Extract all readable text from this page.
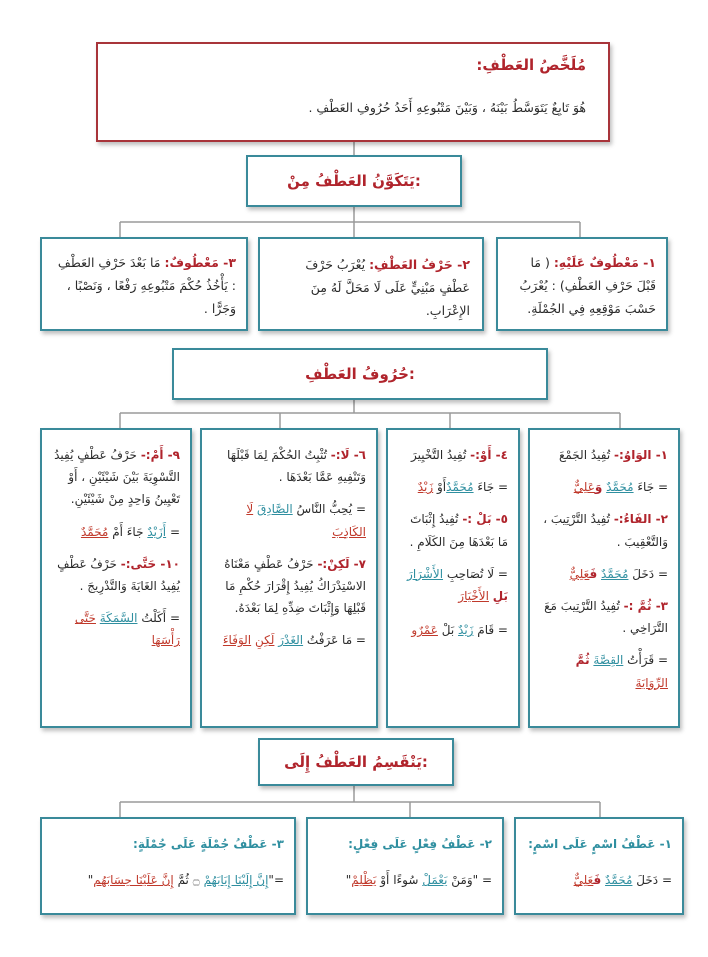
مُلَخَّصُ العَطْفِ:

هُوَ تَابِعٌ يَتَوَسَّطُ بَيْنَهُ ، وَبَيْنَ مَتْبُوعِهِ أَحَدُ حُرُوفِ العَطْفِ .

يَتَكَوَّنُ العَطْفُ مِنْ:
١- مَعْطُوفٌ عَلَيْهِ: ( مَا قَبْلَ حَرْفِ العَطْفِ) : يُعْرَبُ حَسْبَ مَوْقِعِهِ فِي الجُمْلَةِ.
٢- حَرْفُ العَطْفِ: يُعْرَبُ حَرْفَ عَطْفٍ مَبْنِيٍّ عَلَى لَا مَحَلَّ لَهُ مِنَ الإِعْرَابِ.
٣- مَعْطُوفٌ: مَا بَعْدَ حَرْفِ العَطْفِ : يَأْخُذُ حُكْمَ مَتْبُوعِهِ رَفْعًا ، وَنَصْبًا ، وَجَرًّا .
حُرُوفُ العَطْفِ:

١- الوَاوُ:- تُفِيدُ الجَمْعَ

= جَاءَ مُحَمَّدٌ وَعَلِيٌّ

٢- الفَاءُ:- تُفِيدُ التَّرْتِيبَ ، وَالتَّعْقِيبَ .

= دَخَلَ مُحَمَّدٌ فَعَلِيٌّ

٣- ثُمَّ :- تُفِيدُ التَّرْتِيبَ مَعَ التَّرَاخِي .

= قَرَأْتُ القِصَّةَ ثُمَّ الرِّوَايَةَ

٤- أَوْ:- تُفِيدُ التَّخْيِيرَ

= جَاءَ مُحَمَّدٌأَوْ زَيْدٌ

٥- بَلْ :- تُفِيدُ إِثْبَاتَ مَا بَعْدَهَا مِنَ الكَلَامِ .

= لَا تُصَاحِبِ الأَشْرَارَ بَلِ الأَخْيَارَ

= قَامَ زَيْدٌ بَلْ عَمْرٌو

٦- لَا:- تُثْبِتُ الحُكْمَ لِمَا قَبْلَهَا وَتَنْفِيهِ عَمَّا بَعْدَهَا .

= يُحِبُّ النَّاسُ الصَّادِقَ لَا الكَاذِبَ

٧- لَكِنْ:- حَرْفُ عَطْفٍ مَعْنَاهُ الاسْتِدْرَاكُ يُفِيدُ إِقْرَارَ حُكْمِ مَا قَبْلِهَا وَإِثْبَاتَ ضِدِّهِ لِمَا بَعْدَهُ.

= مَا عَرَفْتُ الغَدْرَ لَكِنِ الوَفَاءَ

٩- أَمْ:- حَرْفُ عَطْفٍ يُفِيدُ التَّسْوِيَةَ بَيْنَ شَيْئَيْنِ ، أَوْ تَعْيِينُ وَاحِدٍ مِنْ شَيْئَيْنِ.

= أَزَيْدٌ جَاءَ أَمْ مُحَمَّدٌ

١٠- حَتَّى:- حَرْفُ عَطْفٍ يُفِيدُ الغَايَةَ وَالتَّدْرِيجَ .

= أَكَلْتُ السَّمَكَةَ حَتَّى رَأْسَهَا

يَنْقَسِمُ العَطْفُ إِلَى:

١- عَطْفُ اسْمٍ عَلَى اسْمٍ:

= دَخَلَ مُحَمَّدٌ فَعَلِيٌّ

٢- عَطْفُ فِعْلٍ عَلَى فِعْلٍ:

= "وَمَنْ يَعْمَلْ سُوءًا أَوْ يَظْلِمْ"

٣- عَطْفُ جُمْلَةٍ عَلَى جُمْلَةٍ:

="إِنَّ إِلَيْنَا إِيَابَهُمْ ۝ ثُمَّ إِنَّ عَلَيْنَا حِسَابَهُم"
